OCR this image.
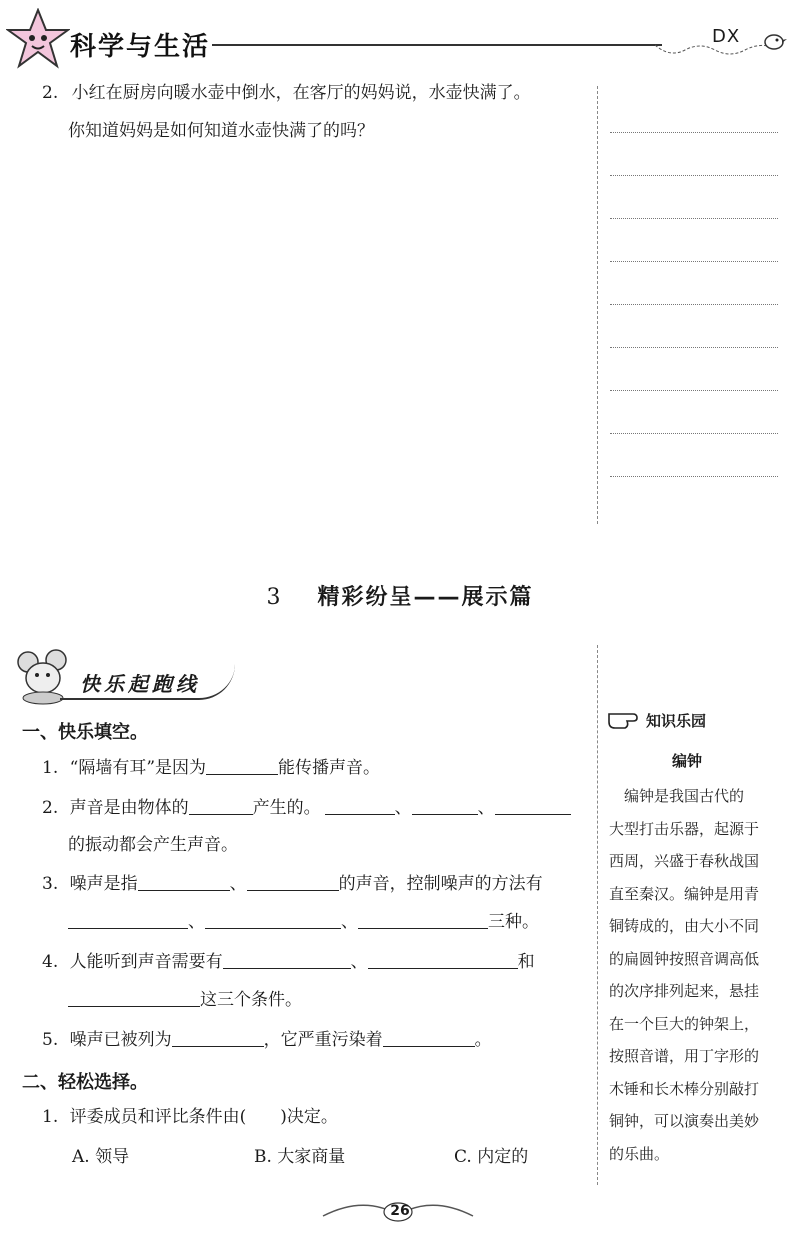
科学与生活	DX
2. 小红在厨房向暖水壶中倒水，在客厅的妈妈说，水壶快满了。
你知道妈妈是如何知道水壶快满了的吗？
3 精彩纷呈——展示篇
快乐起跑线
一、快乐填空。
1. “隔墙有耳”是因为	能传播声音。
2. 声音是由物体的	产生的。	、	、
的振动都会产生声音。
3. 噪声是指	、	的声音，控制噪声的方法有
、	、	三种。
4. 人能听到声音需要有	、	和
这三个条件。
5. 噪声已被列为	，它严重污染着	。
二、轻松选择。
1. 评委成员和评比条件由(　　)决定。
A. 领导	B. 大家商量	C. 内定的
知识乐园
编钟
　编钟是我国古代的
大型打击乐器，起源于
西周，兴盛于春秋战国
直至秦汉。编钟是用青
铜铸成的，由大小不同
的扁圆钟按照音调高低
的次序排列起来，悬挂
在一个巨大的钟架上，
按照音谱，用丁字形的
木锤和长木棒分别敲打
铜钟，可以演奏出美妙
的乐曲。
26
